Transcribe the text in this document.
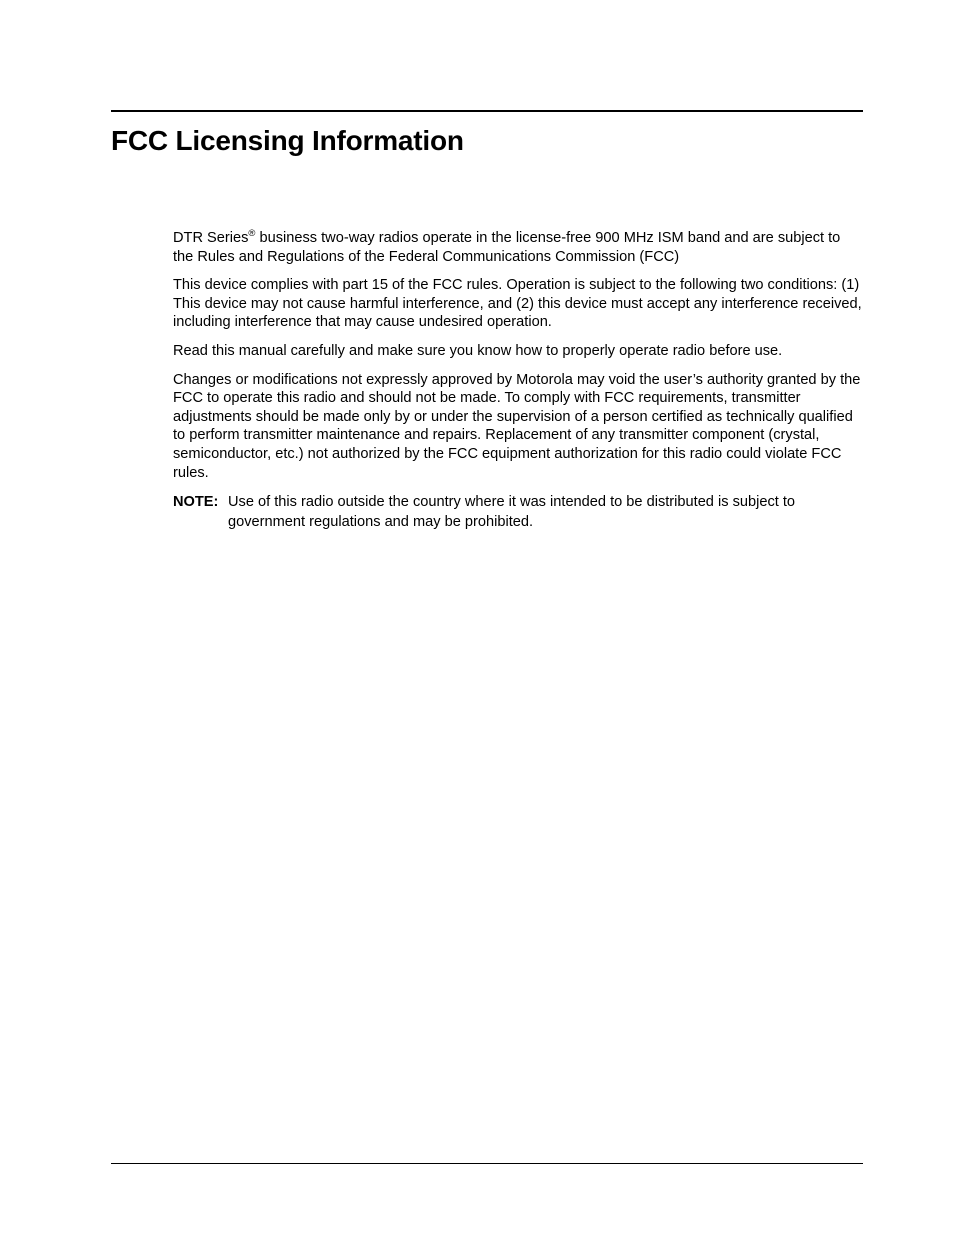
FCC Licensing Information

DTR Series® business two-way radios operate in the license-free 900 MHz ISM band and are subject to the Rules and Regulations of the Federal Communications Commission (FCC)

This device complies with part 15 of the FCC rules. Operation is subject to the following two conditions: (1) This device may not cause harmful interference, and (2) this device must accept any interference received, including interference that may cause undesired operation.

Read this manual carefully and make sure you know how to properly operate radio before use.

Changes or modifications not expressly approved by Motorola may void the user’s authority granted by the FCC to operate this radio and should not be made. To comply with FCC requirements, transmitter adjustments should be made only by or under the supervision of a person certified as technically qualified to perform transmitter maintenance and repairs. Replacement of any transmitter component (crystal, semiconductor, etc.) not authorized by the FCC equipment authorization for this radio could violate FCC rules.

NOTE: Use of this radio outside the country where it was intended to be distributed is subject to government regulations and may be prohibited.
